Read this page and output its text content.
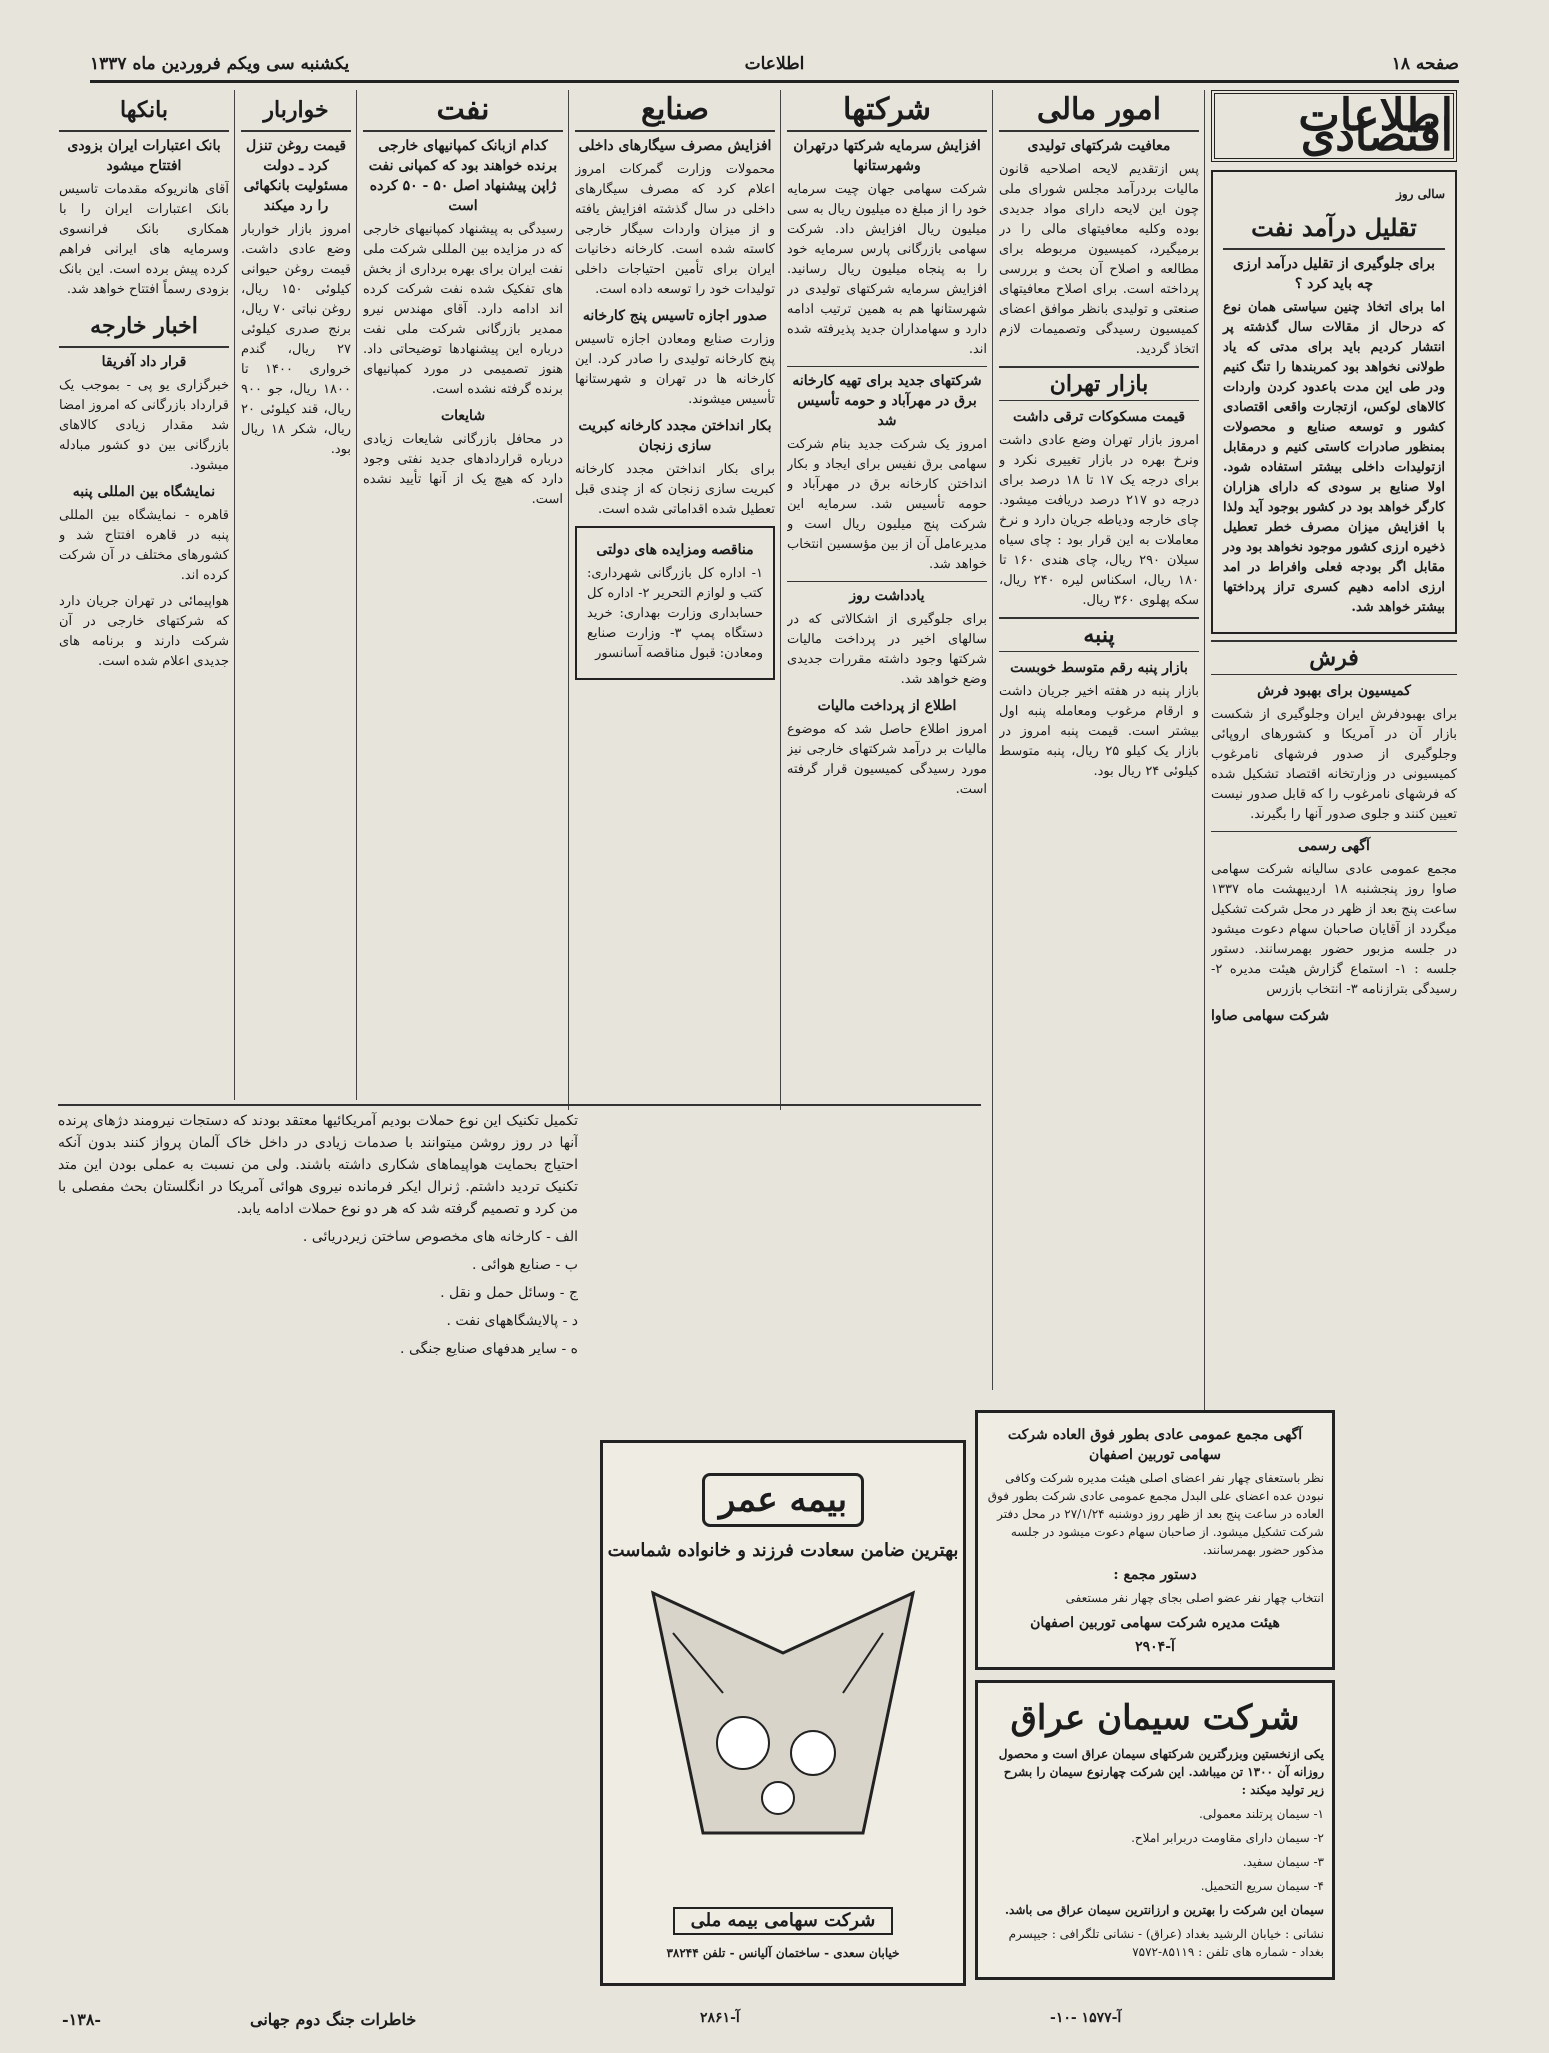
صفحه ۱۸
اطلاعات
یکشنبه سی ویکم فروردین ماه ۱۳۳۷
اطلاعات اقتصادی
سالی روز
تقلیل درآمد نفت
برای جلوگیری از تقلیل درآمد ارزی چه باید کرد ؟
اما برای اتخاذ چنین سیاستی همان نوع که درحال از مقالات سال گذشته پر انتشار کردیم باید برای مدتی که یاد طولانی نخواهد بود کمربندها را تنگ کنیم ودر طی این مدت باعدود کردن واردات کالاهای لوکس، ازتجارت واقعی اقتصادی کشور و توسعه صنایع و محصولات بمنظور صادرات کاستی کنیم و درمقابل ازتولیدات داخلی بیشتر استفاده شود. اولا صنایع بر سودی که دارای هزاران کارگر خواهد بود در کشور بوجود آید ولذا با افزایش میزان مصرف خطر تعطیل ذخیره ارزی کشور موجود نخواهد بود ودر مقابل اگر بودجه فعلی وافراط در امد ارزی ادامه دهیم کسری تراز پرداختها بیشتر خواهد شد.
فرش
کمیسیون برای بهبود فرش
برای بهبودفرش ایران وجلوگیری از شکست بازار آن در آمریکا و کشورهای اروپائی وجلوگیری از صدور فرشهای نامرغوب کمیسیونی در وزارتخانه اقتصاد تشکیل شده که فرشهای نامرغوب را که قابل صدور نیست تعیین کنند و جلوی صدور آنها را بگیرند.
آگهی رسمی
مجمع عمومی عادی سالیانه شرکت سهامی صاوا روز پنجشنبه ۱۸ اردیبهشت ماه ۱۳۳۷ ساعت پنج بعد از ظهر در محل شرکت تشکیل میگردد از آقایان صاحبان سهام دعوت میشود در جلسه مزبور حضور بهمرسانند. دستور جلسه : ۱- استماع گزارش هیئت مدیره ۲- رسیدگی بترازنامه ۳- انتخاب بازرس
شرکت سهامی صاوا
امور مالی
معافیت شرکتهای تولیدی
پس ازتقدیم لایحه اصلاحیه قانون مالیات بردرآمد مجلس شورای ملی چون این لایحه دارای مواد جدیدی بوده وکلیه معافیتهای مالی را در برمیگیرد، کمیسیون مربوطه برای مطالعه و اصلاح آن بحث و بررسی پرداخته است. برای اصلاح معافیتهای صنعتی و تولیدی بانظر موافق اعضای کمیسیون رسیدگی وتصمیمات لازم اتخاذ گردید.
بازار تهران
قیمت مسکوکات ترقی داشت
امروز بازار تهران وضع عادی داشت ونرخ بهره در بازار تغییری نکرد و برای درجه یک ۱۷ تا ۱۸ درصد برای درجه دو ۲۱۷ درصد دریافت میشود. چای خارجه ودیاطه جریان دارد و نرخ معاملات به این قرار بود : چای سیاه سیلان ۲۹۰ ریال، چای هندی ۱۶۰ تا ۱۸۰ ریال، اسکناس لیره ۲۴۰ ریال، سکه پهلوی ۳۶۰ ریال.
پنبه
بازار پنبه رقم متوسط خوبست
بازار پنبه در هفته اخیر جریان داشت و ارقام مرغوب ومعامله پنبه اول بیشتر است. قیمت پنبه امروز در بازار یک کیلو ۲۵ ریال، پنبه متوسط کیلوئی ۲۴ ریال بود.
شرکتها
افزایش سرمایه شرکتها درتهران وشهرستانها
شرکت سهامی جهان چیت سرمایه خود را از مبلغ ده میلیون ریال به سی میلیون ریال افزایش داد. شرکت سهامی بازرگانی پارس سرمایه خود را به پنجاه میلیون ریال رسانید. افزایش سرمایه شرکتهای تولیدی در شهرستانها هم به همین ترتیب ادامه دارد و سهامداران جدید پذیرفته شده اند.
شرکتهای جدید برای تهیه کارخانه برق در مهرآباد و حومه تأسیس شد
امروز یک شرکت جدید بنام شرکت سهامی برق نفیس برای ایجاد و بکار انداختن کارخانه برق در مهرآباد و حومه تأسیس شد. سرمایه این شرکت پنج میلیون ریال است و مدیرعامل آن از بین مؤسسین انتخاب خواهد شد.
یادداشت روز
برای جلوگیری از اشکالاتی که در سالهای اخیر در پرداخت مالیات شرکتها وجود داشته مقررات جدیدی وضع خواهد شد.
اطلاع از پرداخت مالیات
امروز اطلاع حاصل شد که موضوع مالیات بر درآمد شرکتهای خارجی نیز مورد رسیدگی کمیسیون قرار گرفته است.
صنایع
افزایش مصرف سیگارهای داخلی
محمولات وزارت گمرکات امروز اعلام کرد که مصرف سیگارهای داخلی در سال گذشته افزایش یافته و از میزان واردات سیگار خارجی کاسته شده است. کارخانه دخانیات ایران برای تأمین احتیاجات داخلی تولیدات خود را توسعه داده است.
صدور اجازه تاسیس پنج کارخانه
وزارت صنایع ومعادن اجازه تاسیس پنج کارخانه تولیدی را صادر کرد. این کارخانه ها در تهران و شهرستانها تأسیس میشوند.
بکار انداختن مجدد کارخانه کبریت سازی زنجان
برای بکار انداختن مجدد کارخانه کبریت سازی زنجان که از چندی قبل تعطیل شده اقداماتی شده است.
مناقصه ومزایده های دولتی
۱- اداره کل بازرگانی شهرداری: کتب و لوازم التحریر ۲- اداره کل حسابداری وزارت بهداری: خرید دستگاه پمپ ۳- وزارت صنایع ومعادن: قبول مناقصه آسانسور
نفت
کدام ازبانک کمپانیهای خارجی برنده خواهند بود که کمپانی نفت ژاپن پیشنهاد اصل ۵۰ - ۵۰ کرده است
رسیدگی به پیشنهاد کمپانیهای خارجی که در مزایده بین المللی شرکت ملی نفت ایران برای بهره برداری از بخش های تفکیک شده نفت شرکت کرده اند ادامه دارد. آقای مهندس نیرو ممدیر بازرگانی شرکت ملی نفت درباره این پیشنهادها توضیحاتی داد. هنوز تصمیمی در مورد کمپانیهای برنده گرفته نشده است.
شایعات
در محافل بازرگانی شایعات زیادی درباره قراردادهای جدید نفتی وجود دارد که هیچ یک از آنها تأیید نشده است.
خواربار
قیمت روغن تنزل کرد ـ دولت مسئولیت بانکهائی را رد میکند
امروز بازار خواربار وضع عادی داشت. قیمت روغن حیوانی کیلوئی ۱۵۰ ریال، روغن نباتی ۷۰ ریال، برنج صدری کیلوئی ۲۷ ریال، گندم خرواری ۱۴۰۰ تا ۱۸۰۰ ریال، جو ۹۰۰ ریال، قند کیلوئی ۲۰ ریال، شکر ۱۸ ریال بود.
بانکها
بانک اعتبارات ایران بزودی افتتاح میشود
آقای هانریوکه مقدمات تاسیس بانک اعتبارات ایران را با همکاری بانک فرانسوی وسرمایه های ایرانی فراهم کرده پیش برده است. این بانک بزودی رسماً افتتاح خواهد شد.
اخبار خارجه
قرار داد آفریقا
خبرگزاری یو پی - بموجب یک قرارداد بازرگانی که امروز امضا شد مقدار زیادی کالاهای بازرگانی بین دو کشور مبادله میشود.
نمایشگاه بین المللی پنبه
قاهره - نمایشگاه بین المللی پنبه در قاهره افتتاح شد و کشورهای مختلف در آن شرکت کرده اند.
هواپیمائی در تهران جریان دارد که شرکتهای خارجی در آن شرکت دارند و برنامه های جدیدی اعلام شده است.
تکمیل تکنیک این نوع حملات بودیم آمریکائیها معتقد بودند که دستجات نیرومند دژهای پرنده آنها در روز روشن میتوانند با صدمات زیادی در داخل خاک آلمان پرواز کنند بدون آنکه احتیاج بحمایت هواپیماهای شکاری داشته باشند. ولی من نسبت به عملی بودن این متد تکنیک تردید داشتم. ژنرال ایکر فرمانده نیروی هوائی آمریکا در انگلستان بحث مفصلی با من کرد و تصمیم گرفته شد که هر دو نوع حملات ادامه یابد.
الف - کارخانه های مخصوص ساختن زیردریائی .
ب - صنایع هوائی .
ج - وسائل حمل و نقل .
د - پالایشگاههای نفت .
ه - سایر هدفهای صنایع جنگی .
خاطرات جنگ دوم جهانی
-۱۳۸-
بیمه عمر
بهترین ضامن سعادت فرزند و خانواده شماست
شرکت سهامی بیمه ملی
خیابان سعدی - ساختمان آلیانس - تلفن ۳۸۲۴۴
آ-۲۸۶۱
آگهی مجمع عمومی عادی بطور فوق العاده شرکت سهامی توربین اصفهان
نظر باستعفای چهار نفر اعضای اصلی هیئت مدیره شرکت وکافی نبودن عده اعضای علی البدل مجمع عمومی عادی شرکت بطور فوق العاده در ساعت پنج بعد از ظهر روز دوشنبه ۲۷/۱/۲۴ در محل دفتر شرکت تشکیل میشود. از صاحبان سهام دعوت میشود در جلسه مذکور حضور بهمرسانند.
دستور مجمع :
انتخاب چهار نفر عضو اصلی بجای چهار نفر مستعفی
هیئت مدیره شرکت سهامی توربین اصفهان
آ-۲۹۰۴
شرکت سیمان عراق
یکی ازنخستین وبزرگترین شرکتهای سیمان عراق است و محصول روزانه آن ۱۳۰۰ تن میباشد. این شرکت چهارنوع سیمان را بشرح زیر تولید میکند :
۱- سیمان پرتلند معمولی.
۲- سیمان دارای مقاومت دربرابر املاح.
۳- سیمان سفید.
۴- سیمان سریع التحمیل.
سیمان این شرکت را بهترین و ارزانترین سیمان عراق می باشد.
نشانی : خیابان الرشید بغداد (عراق) - نشانی تلگرافی : جیپسرم بغداد - شماره های تلفن : ۸۵۱۱۹-۷۵۷۲
آ-۱۵۷۷ -۱۰-
